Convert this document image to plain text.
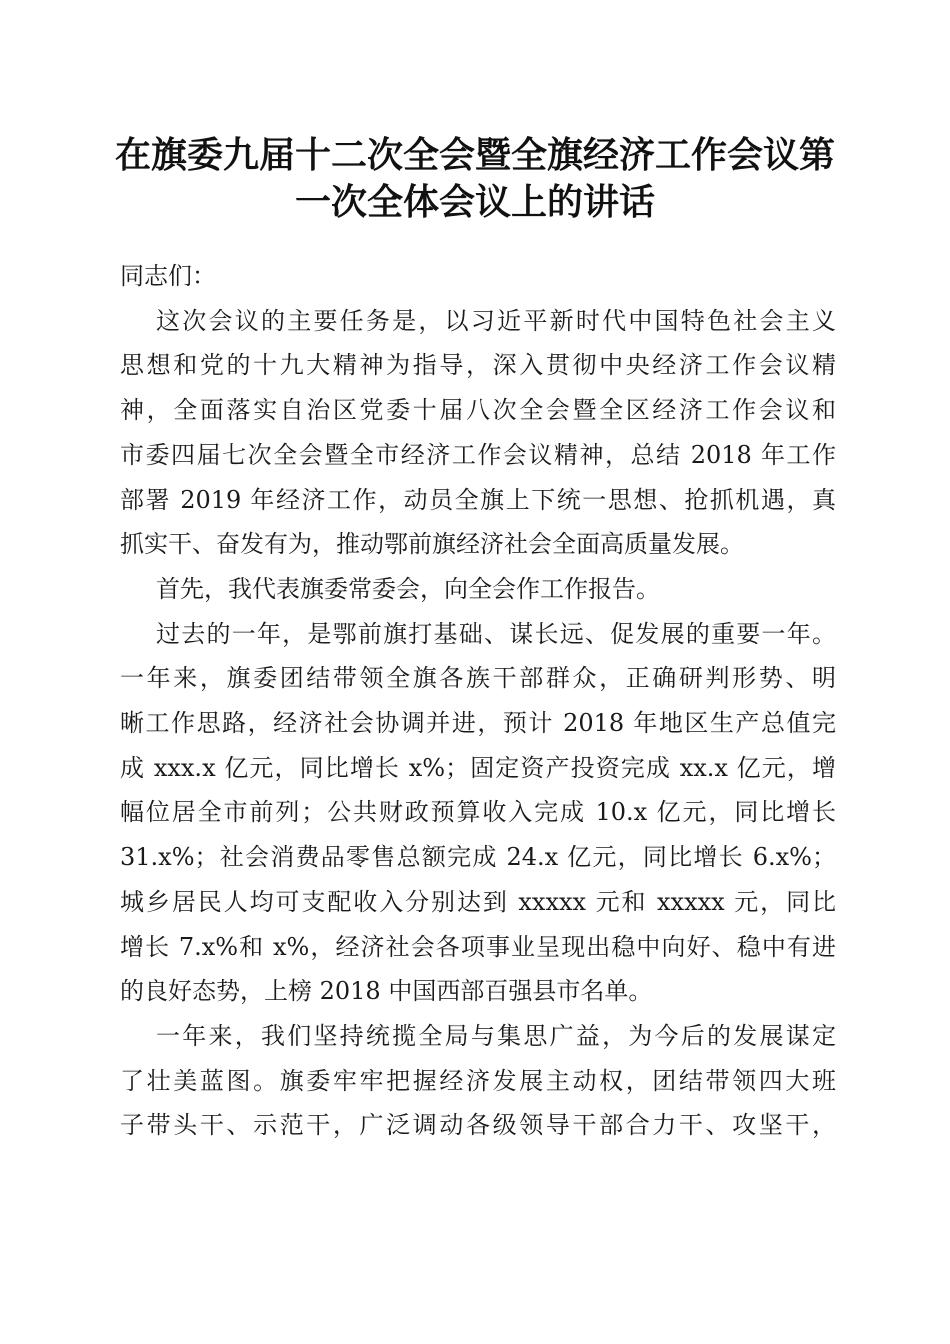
在旗委九届十二次全会暨全旗经济工作会议第
一次全体会议上的讲话
同志们：
这次会议的主要任务是，以习近平新时代中国特色社会主义
思想和党的十九大精神为指导，深入贯彻中央经济工作会议精
神，全面落实自治区党委十届八次全会暨全区经济工作会议和
市委四届七次全会暨全市经济工作会议精神，总结 2018 年工作
部署 2019 年经济工作，动员全旗上下统一思想、抢抓机遇，真
抓实干、奋发有为，推动鄂前旗经济社会全面高质量发展。
首先，我代表旗委常委会，向全会作工作报告。
过去的一年，是鄂前旗打基础、谋长远、促发展的重要一年。
一年来，旗委团结带领全旗各族干部群众，正确研判形势、明
晰工作思路，经济社会协调并进，预计 2018 年地区生产总值完
成 xxx.x 亿元，同比增长 x%；固定资产投资完成 xx.x 亿元，增
幅位居全市前列；公共财政预算收入完成 10.x 亿元，同比增长
31.x%；社会消费品零售总额完成 24.x 亿元，同比增长 6.x%；
城乡居民人均可支配收入分别达到 xxxxx 元和 xxxxx 元，同比
增长 7.x%和 x%，经济社会各项事业呈现出稳中向好、稳中有进
的良好态势，上榜 2018 中国西部百强县市名单。
一年来，我们坚持统揽全局与集思广益，为今后的发展谋定
了壮美蓝图。旗委牢牢把握经济发展主动权，团结带领四大班
子带头干、示范干，广泛调动各级领导干部合力干、攻坚干，
